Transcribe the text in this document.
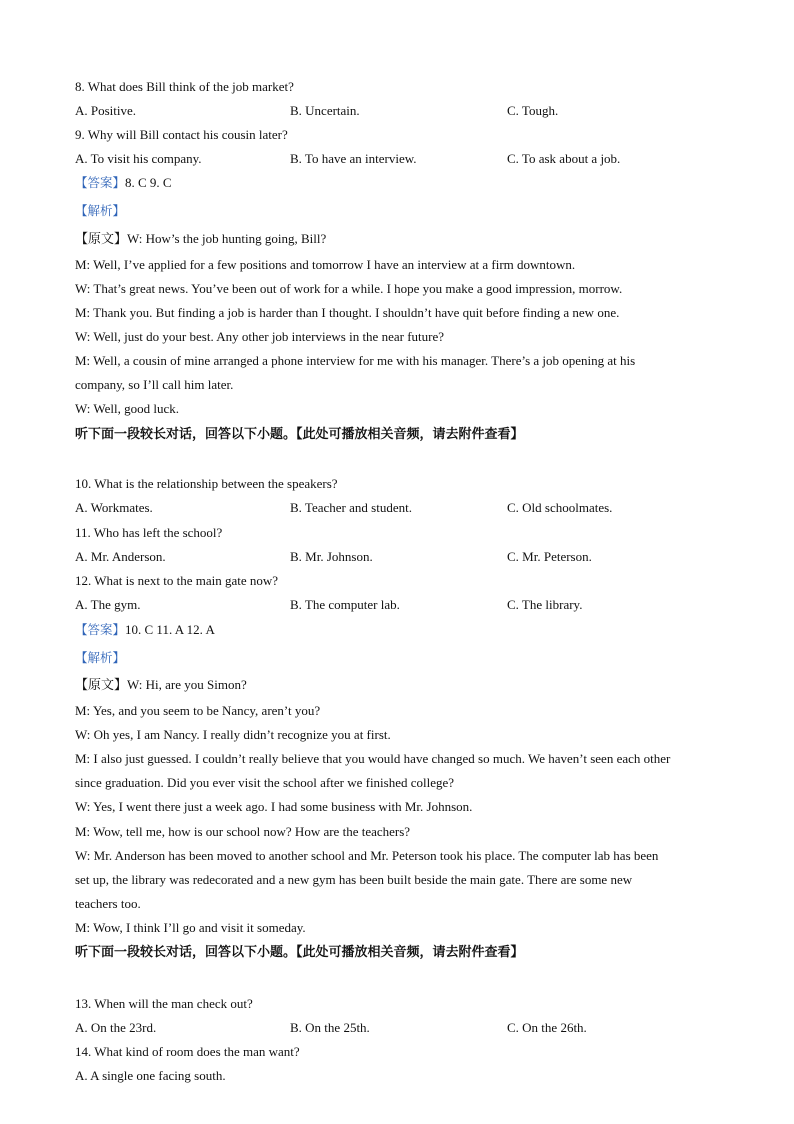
8. What does Bill think of the job market?
A. Positive.	B. Uncertain.	C. Tough.
9. Why will Bill contact his cousin later?
A. To visit his company.	B. To have an interview.	C. To ask about a job.
【答案】8. C 9. C
【解析】
【原文】W: How’s the job hunting going, Bill?
M: Well, I’ve applied for a few positions and tomorrow I have an interview at a firm downtown.
W: That’s great news. You’ve been out of work for a while. I hope you make a good impression, morrow.
M: Thank you. But finding a job is harder than I thought. I shouldn’t have quit before finding a new one.
W: Well, just do your best. Any other job interviews in the near future?
M: Well, a cousin of mine arranged a phone interview for me with his manager. There’s a job opening at his
company, so I’ll call him later.
W: Well, good luck.
听下面一段较长对话，回答以下小题。【此处可播放相关音频，请去附件查看】
10. What is the relationship between the speakers?
A. Workmates.	B. Teacher and student.	C. Old schoolmates.
11. Who has left the school?
A. Mr. Anderson.	B. Mr. Johnson.	C. Mr. Peterson.
12. What is next to the main gate now?
A. The gym.	B. The computer lab.	C. The library.
【答案】10. C 11. A 12. A
【解析】
【原文】W: Hi, are you Simon?
M: Yes, and you seem to be Nancy, aren’t you?
W: Oh yes, I am Nancy. I really didn’t recognize you at first.
M: I also just guessed. I couldn’t really believe that you would have changed so much. We haven’t seen each other
since graduation. Did you ever visit the school after we finished college?
W: Yes, I went there just a week ago. I had some business with Mr. Johnson.
M: Wow, tell me, how is our school now? How are the teachers?
W: Mr. Anderson has been moved to another school and Mr. Peterson took his place. The computer lab has been
set up, the library was redecorated and a new gym has been built beside the main gate. There are some new
teachers too.
M: Wow, I think I’ll go and visit it someday.
听下面一段较长对话，回答以下小题。【此处可播放相关音频，请去附件查看】
13. When will the man check out?
A. On the 23rd.	B. On the 25th.	C. On the 26th.
14. What kind of room does the man want?
A. A single one facing south.
